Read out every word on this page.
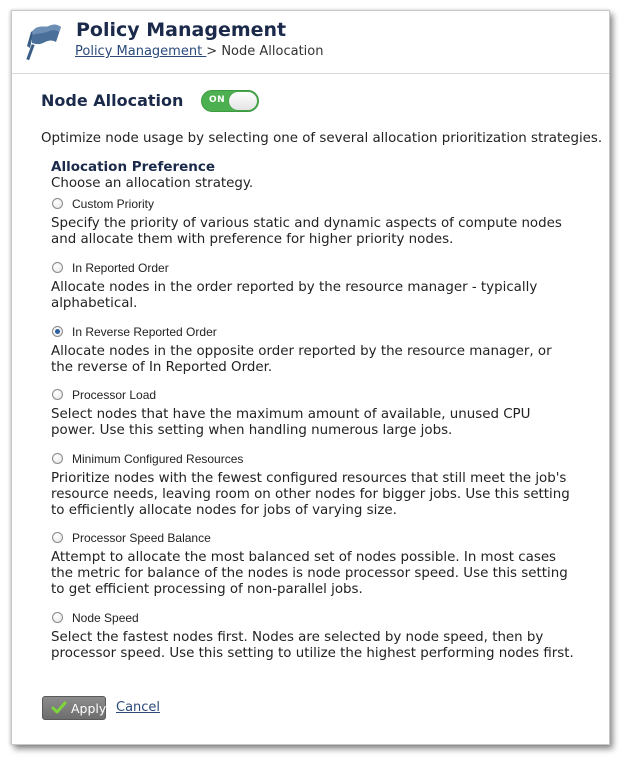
Policy Management
Policy Management > Node Allocation
Node Allocation	ON
Optimize node usage by selecting one of several allocation prioritization strategies.
Allocation Preference
Choose an allocation strategy.
Custom Priority
Specify the priority of various static and dynamic aspects of compute nodes and allocate them with preference for higher priority nodes.
In Reported Order
Allocate nodes in the order reported by the resource manager - typically alphabetical.
In Reverse Reported Order
Allocate nodes in the opposite order reported by the resource manager, or the reverse of In Reported Order.
Processor Load
Select nodes that have the maximum amount of available, unused CPU power. Use this setting when handling numerous large jobs.
Minimum Configured Resources
Prioritize nodes with the fewest configured resources that still meet the job's resource needs, leaving room on other nodes for bigger jobs. Use this setting to efficiently allocate nodes for jobs of varying size.
Processor Speed Balance
Attempt to allocate the most balanced set of nodes possible. In most cases the metric for balance of the nodes is node processor speed. Use this setting to get efficient processing of non-parallel jobs.
Node Speed
Select the fastest nodes first. Nodes are selected by node speed, then by processor speed. Use this setting to utilize the highest performing nodes first.
Apply Cancel
